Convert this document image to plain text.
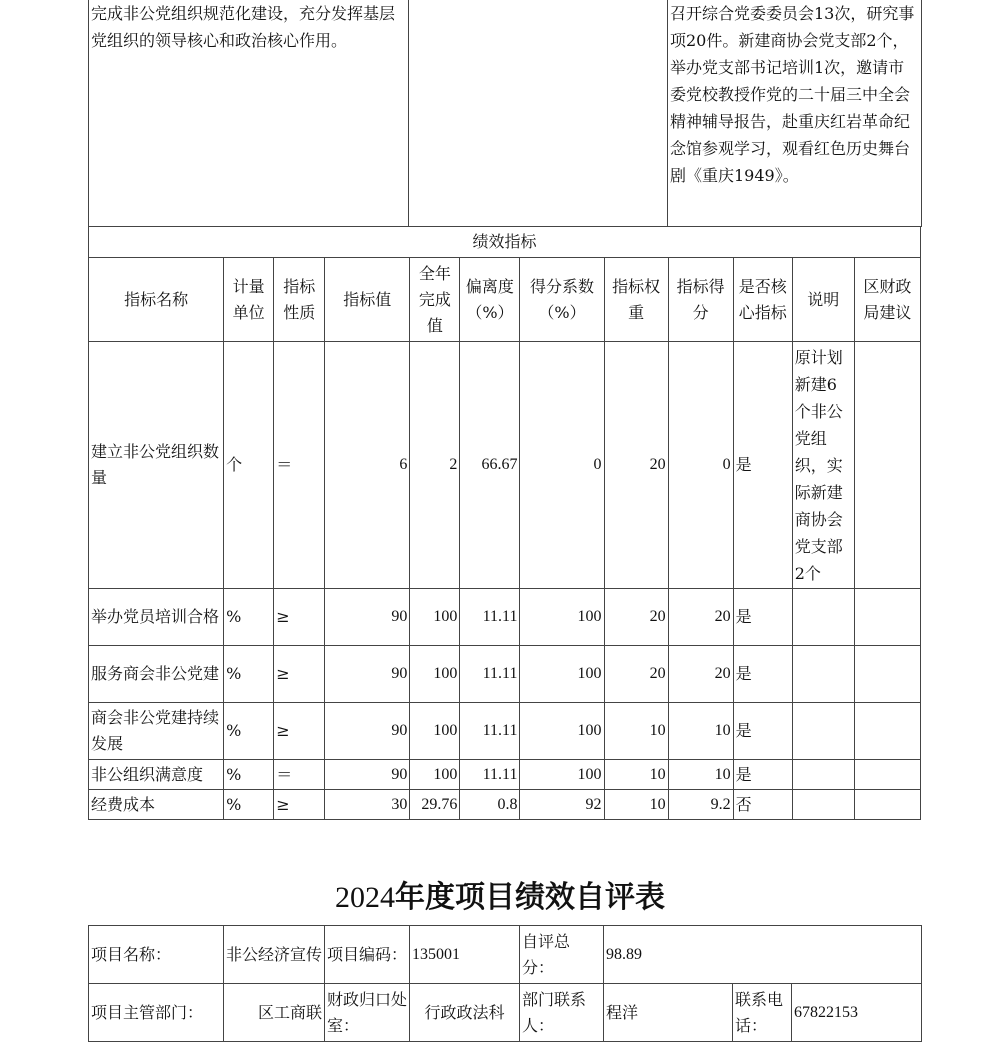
完成非公党组织规范化建设，充分发挥基层党组织的领导核心和政治核心作用。		召开综合党委委员会13次，研究事项20件。新建商协会党支部2个，举办党支部书记培训1次，邀请市委党校教授作党的二十届三中全会精神辅导报告，赴重庆红岩革命纪念馆参观学习，观看红色历史舞台剧《重庆1949》。
绩效指标											
指标名称	计量单位	指标性质	指标值	全年完成值	偏离度（%）	得分系数（%）	指标权重	指标得分	是否核心指标	说明	区财政局建议
建立非公党组织数量	个	＝	6	2	66.67	0	20	0	是	原计划新建6个非公党组织，实际新建商协会党支部2个	
举办党员培训合格	%	≥	90	100	11.11	100	20	20	是		
服务商会非公党建	%	≥	90	100	11.11	100	20	20	是		
商会非公党建持续发展	%	≥	90	100	11.11	100	10	10	是		
非公组织满意度	%	＝	90	100	11.11	100	10	10	是		
经费成本	%	≥	30	29.76	0.8	92	10	9.2	否		
2024年度项目绩效自评表
项目名称：	非公经济宣传	项目编码：	135001	自评总分：	98.89		
项目主管部门：	区工商联	财政归口处室：	行政政法科	部门联系人：	程洋	联系电话：	67822153
